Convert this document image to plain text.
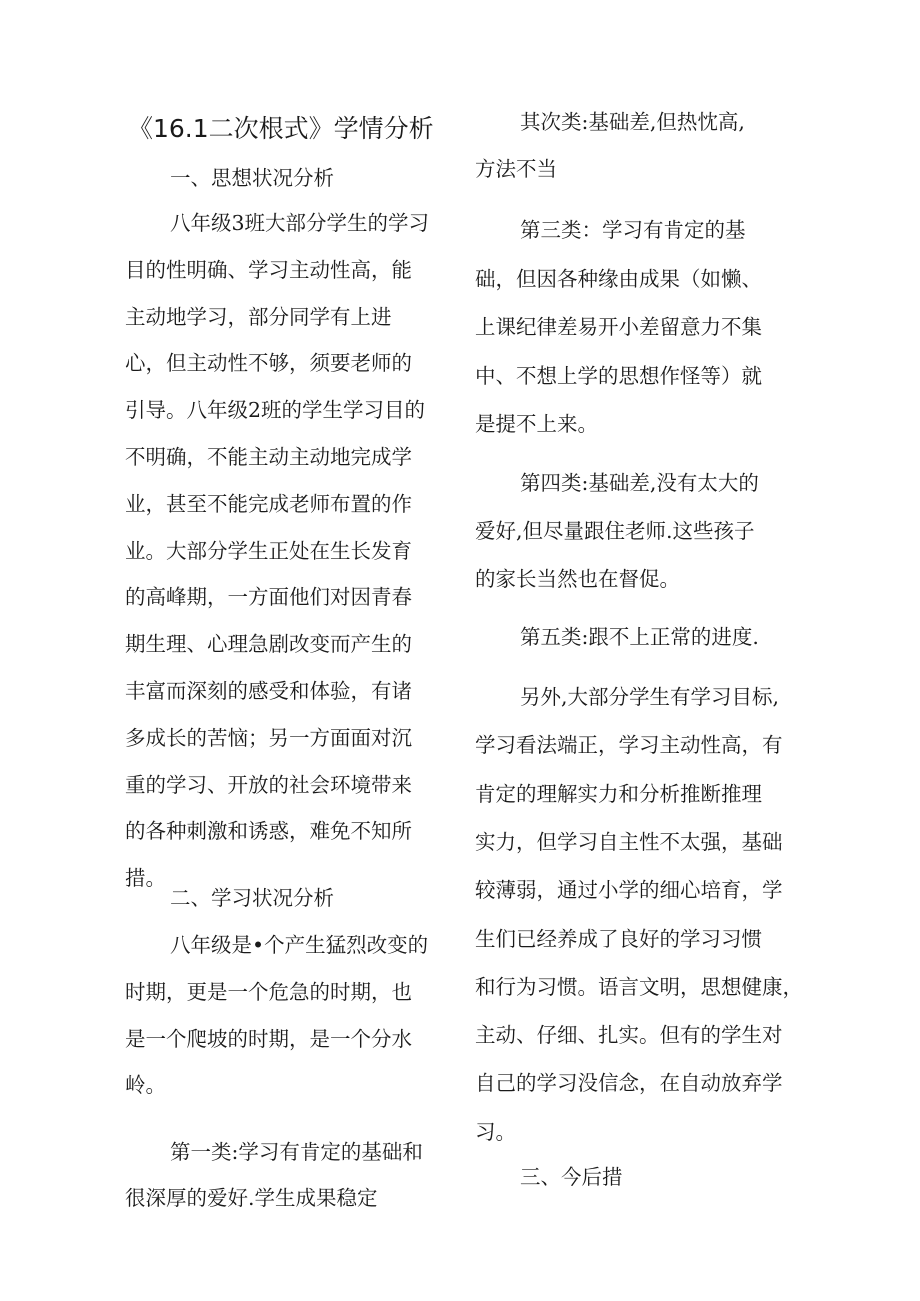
《16.1二次根式》学情分析
一、思想状况分析
八年级3班大部分学生的学习
目的性明确、学习主动性高，能
主动地学习，部分同学有上进
心，但主动性不够，须要老师的
引导。八年级2班的学生学习目的
不明确，不能主动主动地完成学
业，甚至不能完成老师布置的作
业。大部分学生正处在生长发育
的高峰期，一方面他们对因青春
期生理、心理急剧改变而产生的
丰富而深刻的感受和体验，有诸
多成长的苦恼；另一方面面对沉
重的学习、开放的社会环境带来
的各种刺激和诱惑，难免不知所
措。
二、学习状况分析
八年级是•个产生猛烈改变的
时期，更是一个危急的时期，也
是一个爬坡的时期，是一个分水
岭。
第一类:学习有肯定的基础和
很深厚的爱好.学生成果稳定
其次类:基础差,但热忱高,
方法不当
第三类：学习有肯定的基
础，但因各种缘由成果（如懒、
上课纪律差易开小差留意力不集
中、不想上学的思想作怪等）就
是提不上来。
第四类:基础差,没有太大的
爱好,但尽量跟住老师.这些孩子
的家长当然也在督促。
第五类:跟不上正常的进度.
另外,大部分学生有学习目标,
学习看法端正，学习主动性高，有
肯定的理解实力和分析推断推理
实力，但学习自主性不太强，基础
较薄弱，通过小学的细心培育，学
生们已经养成了良好的学习习惯
和行为习惯。语言文明，思想健康，
主动、仔细、扎实。但有的学生对
自己的学习没信念，在自动放弃学
习。
三、今后措
